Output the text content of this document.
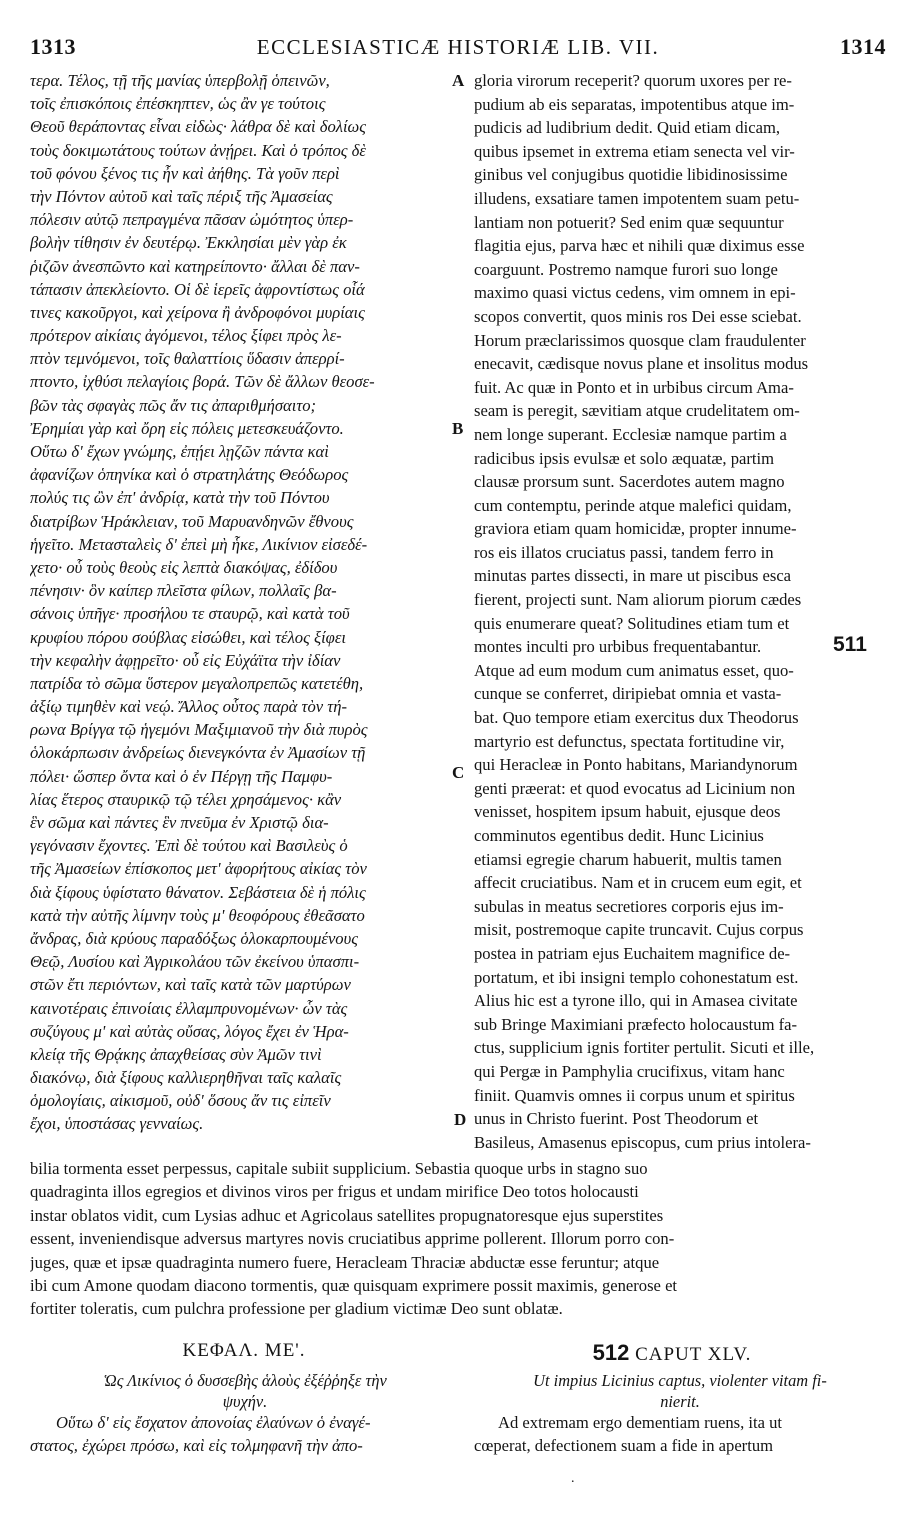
1313	ECCLESIASTICÆ HISTORIÆ LIB. VII.	1314
τερα. Τέλος, τῇ τῆς μανίας ὑπερβολῇ ὁπεινῶν,
τοῖς ἐπισκόποις ἐπέσκηπτεν, ὡς ἂν γε τούτοις
Θεοῦ θεράποντας εἶναι εἰδὼς· λάθρα δὲ καὶ δολίως
τοὺς δοκιμωτάτους τούτων ἀνῄρει. Καὶ ὁ τρόπος δὲ
τοῦ φόνου ξένος τις ἦν καὶ ἀήθης. Τὰ γοῦν περὶ
τὴν Πόντον αὐτοῦ καὶ ταῖς πέριξ τῆς Ἀμασείας
πόλεσιν αὐτῷ πεπραγμένα πᾶσαν ὠμότητος ὑπερ-
βολὴν τίθησιν ἐν δευτέρῳ. Ἐκκλησίαι μὲν γὰρ ἐκ
ῥιζῶν ἀνεσπῶντο καὶ κατηρείποντο· ἄλλαι δὲ παν-
τάπασιν ἀπεκλείοντο. Οἱ δὲ ἱερεῖς ἀφροντίστως οἷά
τινες κακοῦργοι, καὶ χείρονα ἢ ἀνδροφόνοι μυρίαις
πρότερον αἰκίαις ἀγόμενοι, τέλος ξίφει πρὸς λε-
πτὸν τεμνόμενοι, τοῖς θαλαττίοις ὕδασιν ἀπερρί-
πτοντο, ἰχθύσι πελαγίοις βορά. Τῶν δὲ ἄλλων θεοσε-
βῶν τὰς σφαγὰς πῶς ἄν τις ἀπαριθμήσαιτο;
Ἐρημίαι γὰρ καὶ ὄρη εἰς πόλεις μετεσκευάζοντο.
Οὕτω δ' ἔχων γνώμης, ἐπῄει λῃζῶν πάντα καὶ
ἀφανίζων ὁπηνίκα καὶ ὁ στρατηλάτης Θεόδωρος
πολύς τις ὢν ἐπ' ἀνδρίᾳ, κατὰ τὴν τοῦ Πόντου
διατρίβων Ἡράκλειαν, τοῦ Μαρυανδηνῶν ἔθνους
ἡγεῖτο. Μετασταλεὶς δ' ἐπεὶ μὴ ἧκε, Λικίνιον εἰσεδέ-
χετο· οὗ τοὺς θεοὺς εἰς λεπτὰ διακόψας, ἐδίδου
πένησιν· ὃν καίπερ πλεῖστα φίλων, πολλαῖς βα-
σάνοις ὑπῆγε· προσήλου τε σταυρῷ, καὶ κατὰ τοῦ
κρυφίου πόρου σούβλας εἰσώθει, καὶ τέλος ξίφει
τὴν κεφαλὴν ἀφῃρεῖτο· οὗ εἰς Εὐχάϊτα τὴν ἰδίαν
πατρίδα τὸ σῶμα ὕστερον μεγαλοπρεπῶς κατετέθη,
ἀξίῳ τιμηθὲν καὶ νεῴ. Ἄλλος οὗτος παρὰ τὸν τή-
ρωνα Βρίγγα τῷ ἡγεμόνι Μαξιμιανοῦ τὴν διὰ πυρὸς
ὁλοκάρπωσιν ἀνδρείως διενεγκόντα ἐν Ἀμασίων τῇ
πόλει· ὥσπερ ὄντα καὶ ὁ ἐν Πέργῃ τῆς Παμφυ-
λίας ἕτερος σταυρικῷ τῷ τέλει χρησάμενος· κἂν
ἓν σῶμα καὶ πάντες ἓν πνεῦμα ἐν Χριστῷ δια-
γεγόνασιν ἔχοντες. Ἐπὶ δὲ τούτου καὶ Βασιλεὺς ὁ
τῆς Ἀμασείων ἐπίσκοπος μετ' ἀφορήτους αἰκίας τὸν
διὰ ξίφους ὑφίστατο θάνατον. Σεβάστεια δὲ ἡ πόλις
κατὰ τὴν αὐτῆς λίμνην τοὺς μ' θεοφόρους ἐθεᾶσατο
ἄνδρας, διὰ κρύους παραδόξως ὁλοκαρπουμένους
Θεῷ, Λυσίου καὶ Ἀγρικολάου τῶν ἐκείνου ὑπασπι-
στῶν ἔτι περιόντων, καὶ ταῖς κατὰ τῶν μαρτύρων
καινοτέραις ἐπινοίαις ἐλλαμπρυνομένων· ὧν τὰς
συζύγους μ' καὶ αὐτὰς οὔσας, λόγος ἔχει ἐν Ἡρα-
κλείᾳ τῆς Θρᾴκης ἀπαχθείσας σὺν Ἀμῶν τινὶ
διακόνῳ, διὰ ξίφους καλλιερηθῆναι ταῖς καλαῖς
ὁμολογίαις, αἰκισμοῦ, οὐδ' ὅσους ἄν τις εἰπεῖν
ἔχοι, ὑποστάσας γενναίως.
gloria virorum receperit? quorum uxores per re-
pudium ab eis separatas, impotentibus atque im-
pudicis ad ludibrium dedit. Quid etiam dicam,
quibus ipsemet in extrema etiam senecta vel vir-
ginibus vel conjugibus quotidie libidinosissime
illudens, exsatiare tamen impotentem suam petu-
lantiam non potuerit? Sed enim quæ sequuntur
flagitia ejus, parva hæc et nihili quæ diximus esse
coarguunt. Postremo namque furori suo longe
maximo quasi victus cedens, vim omnem in epi-
scopos convertit, quos minis ros Dei esse sciebat.
Horum præclarissimos quosque clam fraudulenter
enecavit, cædisque novus plane et insolitus modus
fuit. Ac quæ in Ponto et in urbibus circum Ama-
seam is peregit, sævitiam atque crudelitatem om-
nem longe superant. Ecclesiæ namque partim a
radicibus ipsis evulsæ et solo æquatæ, partim
clausæ prorsum sunt. Sacerdotes autem magno
cum contemptu, perinde atque malefici quidam,
graviora etiam quam homicidæ, propter innume-
ros eis illatos cruciatus passi, tandem ferro in
minutas partes dissecti, in mare ut piscibus esca
fierent, projecti sunt. Nam aliorum piorum cædes
quis enumerare queat? Solitudines etiam tum et
montes inculti pro urbibus frequentabantur.
Atque ad eum modum cum animatus esset, quo-
cunque se conferret, diripiebat omnia et vasta-
bat. Quo tempore etiam exercitus dux Theodorus
martyrio est defunctus, spectata fortitudine vir,
qui Heracleæ in Ponto habitans, Mariandynorum
genti præerat: et quod evocatus ad Licinium non
venisset, hospitem ipsum habuit, ejusque deos
comminutos egentibus dedit. Hunc Licinius
etiamsi egregie charum habuerit, multis tamen
affecit cruciatibus. Nam et in crucem eum egit, et
subulas in meatus secretiores corporis ejus im-
misit, postremoque capite truncavit. Cujus corpus
postea in patriam ejus Euchaitem magnifice de-
portatum, et ibi insigni templo cohonestatum est.
Alius hic est a tyrone illo, qui in Amasea civitate
sub Bringe Maximiani præfecto holocaustum fa-
ctus, supplicium ignis fortiter pertulit. Sicuti et ille,
qui Pergæ in Pamphylia crucifixus, vitam hanc
finiit. Quamvis omnes ii corpus unum et spiritus
unus in Christo fuerint. Post Theodorum et
Basileus, Amasenus episcopus, cum prius intolera-
A
B
C
D
511
bilia tormenta esset perpessus, capitale subiit supplicium. Sebastia quoque urbs in stagno suo
quadraginta illos egregios et divinos viros per frigus et undam mirifice Deo totos holocausti
instar oblatos vidit, cum Lysias adhuc et Agricolaus satellites propugnatoresque ejus superstites
essent, inveniendisque adversus martyres novis cruciatibus apprime pollerent. Illorum porro con-
juges, quæ et ipsæ quadraginta numero fuere, Heracleam Thraciæ abductæ esse feruntur; atque
ibi cum Amone quodam diacono tormentis, quæ quisquam exprimere possit maximis, generose et
fortiter toleratis, cum pulchra professione per gladium victimæ Deo sunt oblatæ.
ΚΕΦΑΛ. ΜΕ'.	512 CAPUT XLV.
Ὡς Λικίνιος ὁ δυσσεβὴς ἁλοὺς ἐξέῤῥηξε τὴν
ψυχήν.
Ut impius Licinius captus, violenter vitam fi-
nierit.
Οὕτω δ' εἰς ἔσχατον ἀπονοίας ἐλαύνων ὁ ἐναγέ-
στατος, ἐχώρει πρόσω, καὶ εἰς τολμηφανῆ τὴν ἀπο-
Ad extremam ergo dementiam ruens, ita ut
cœperat, defectionem suam a fide in apertum
.
